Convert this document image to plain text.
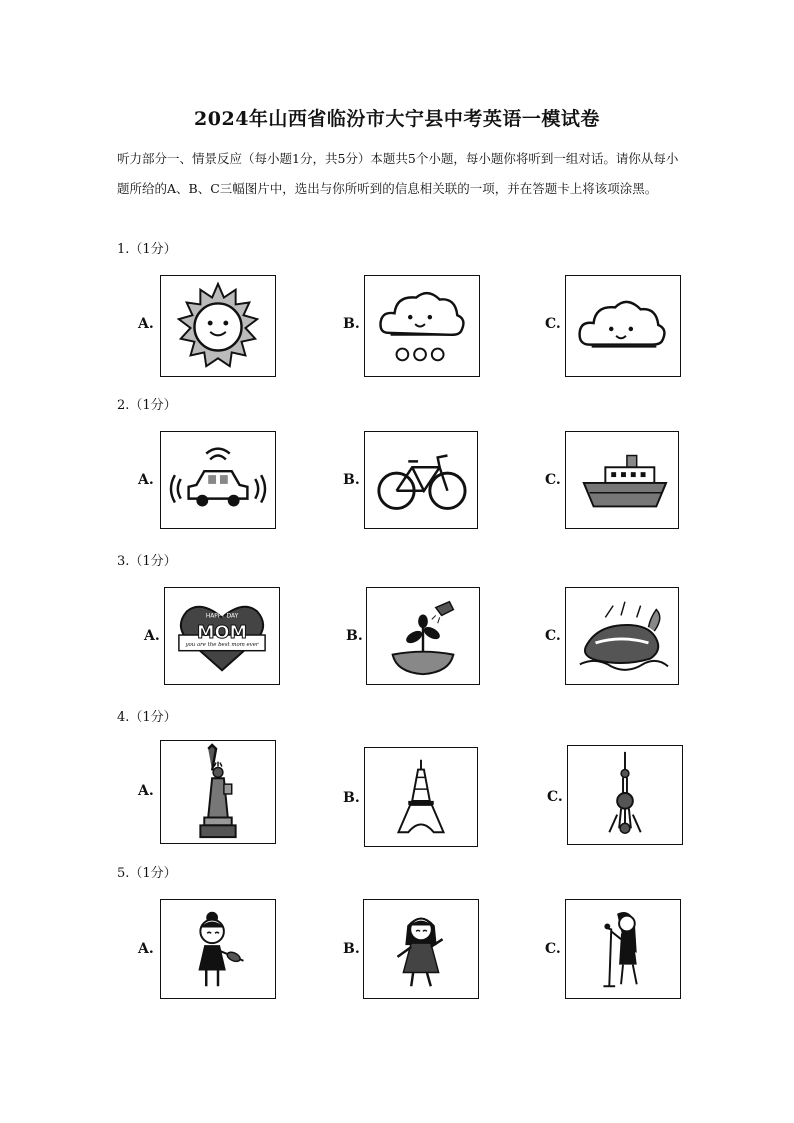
2024年山西省临汾市大宁县中考英语一模试卷
听力部分一、情景反应（每小题1分，共5分）本题共5个小题，每小题你将听到一组对话。请你从每小题所给的A、B、C三幅图片中，选出与你所听到的信息相关联的一项，并在答题卡上将该项涂黑。
1.（1分）
A.	B.	C.
2.（1分）
A.	B.	C.
3.（1分）
A.
HAPPY DAY
MOM
you are the best mom ever
B.	C.
4.（1分）
A.	B.	C.
5.（1分）
A.	B.	C.
